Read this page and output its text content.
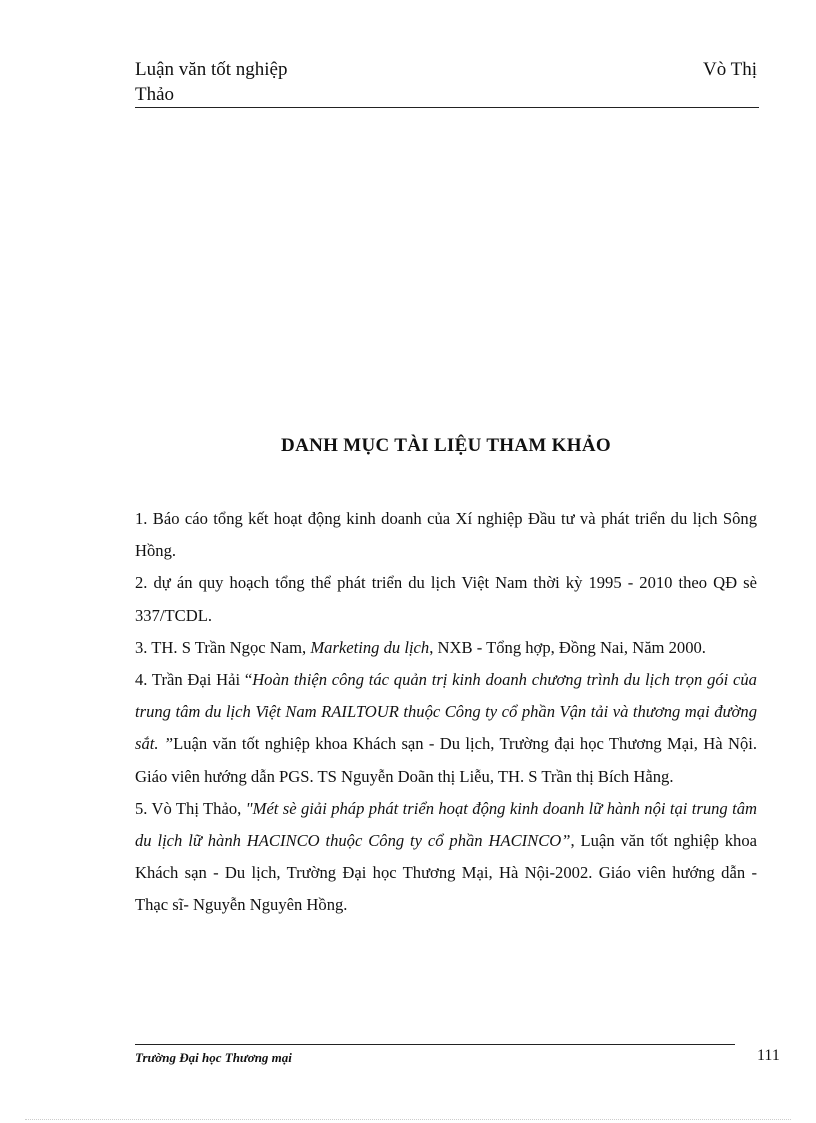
Luận văn tốt nghiệp	Vò Thị
Thảo
DANH MỤC TÀI LIỆU THAM KHẢO

1. Báo cáo tổng kết hoạt động kinh doanh của Xí nghiệp Đầu tư và phát triển du lịch Sông Hồng.

2. dự án quy hoạch tổng thể phát triển du lịch Việt Nam thời kỳ 1995 - 2010 theo QĐ sè 337/TCDL.

3. TH. S Trần Ngọc Nam, Marketing du lịch, NXB - Tổng hợp, Đồng Nai, Năm 2000.

4. Trần Đại Hải “Hoàn thiện công tác quản trị kinh doanh chương trình du lịch trọn gói của trung tâm du lịch Việt Nam RAILTOUR thuộc Công ty cổ phần Vận tải và thương mại đường sắt. ”Luận văn tốt nghiệp khoa Khách sạn - Du lịch, Trường đại học Thương Mại, Hà Nội. Giáo viên hướng dẫn PGS. TS Nguyễn Doãn thị Liễu, TH. S Trần thị Bích Hằng.

5. Vò Thị Thảo, "Mét sè giải pháp phát triển hoạt động kinh doanh lữ hành nội tại trung tâm du lịch lữ hành HACINCO thuộc Công ty cổ phần HACINCO”, Luận văn tốt nghiệp khoa Khách sạn - Du lịch, Trường Đại học Thương Mại, Hà Nội-2002. Giáo viên hướng dẫn - Thạc sĩ- Nguyễn Nguyên Hồng.

Trường Đại học Thương mại	111
